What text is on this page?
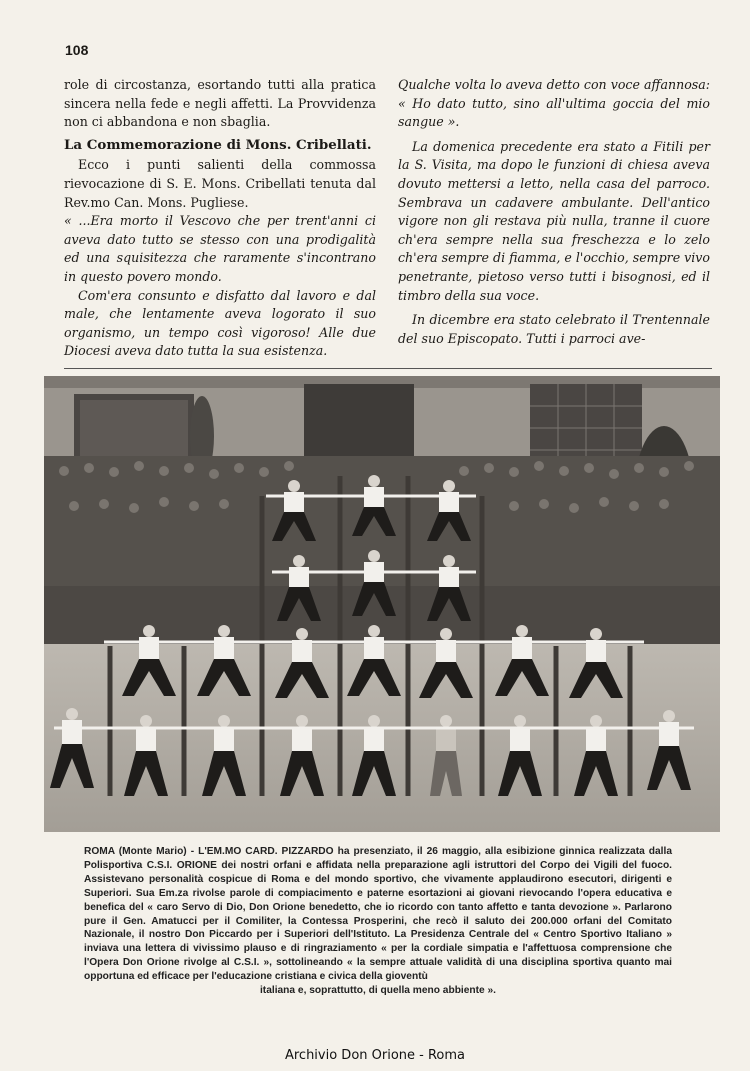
108

role di circostanza, esortando tutti alla pratica sincera nella fede e negli affetti. La Provvidenza non ci abbandona e non sbaglia.

La Commemorazione di Mons. Cribellati.

Ecco i punti salienti della commossa rievocazione di S. E. Mons. Cribellati tenuta dal Rev.mo Can. Mons. Pugliese.

« ...Era morto il Vescovo che per trent'anni ci aveva dato tutto se stesso con una prodigalità ed una squisitezza che raramente s'incontrano in questo povero mondo.

Com'era consunto e disfatto dal lavoro e dal male, che lentamente aveva logorato il suo organismo, un tempo così vigoroso! Alle due Diocesi aveva dato tutta la sua esistenza.

Qualche volta lo aveva detto con voce affannosa: « Ho dato tutto, sino all'ultima goccia del mio sangue ».

La domenica precedente era stato a Fitili per la S. Visita, ma dopo le funzioni di chiesa aveva dovuto mettersi a letto, nella casa del parroco. Sembrava un cadavere ambulante. Dell'antico vigore non gli restava più nulla, tranne il cuore ch'era sempre nella sua freschezza e lo zelo ch'era sempre di fiamma, e l'occhio, sempre vivo penetrante, pietoso verso tutti i bisognosi, ed il timbro della sua voce.

In dicembre era stato celebrato il Trentennale del suo Episcopato. Tutti i parroci ave-

ROMA (Monte Mario) - L'EM.MO CARD. PIZZARDO ha presenziato, il 26 maggio, alla esibizione ginnica realizzata dalla Polisportiva C.S.I. ORIONE dei nostri orfani e affidata nella preparazione agli istruttori del Corpo dei Vigili del fuoco. Assistevano personalità cospicue di Roma e del mondo sportivo, che vivamente applaudirono esecutori, dirigenti e Superiori. Sua Em.za rivolse parole di compiacimento e paterne esortazioni ai giovani rievocando l'opera educativa e benefica del « caro Servo di Dio, Don Orione benedetto, che io ricordo con tanto affetto e tanta devozione ». Parlarono pure il Gen. Amatucci per il Comiliter, la Contessa Prosperini, che recò il saluto dei 200.000 orfani del Comitato Nazionale, il nostro Don Piccardo per i Superiori dell'Istituto. La Presidenza Centrale del « Centro Sportivo Italiano » inviava una lettera di vivissimo plauso e di ringraziamento « per la cordiale simpatia e l'affettuosa comprensione che l'Opera Don Orione rivolge al C.S.I. », sottolineando « la sempre attuale validità di una disciplina sportiva quanto mai opportuna ed efficace per l'educazione cristiana e civica della gioventù
italiana e, soprattutto, di quella meno abbiente ».
Archivio Don Orione - Roma
